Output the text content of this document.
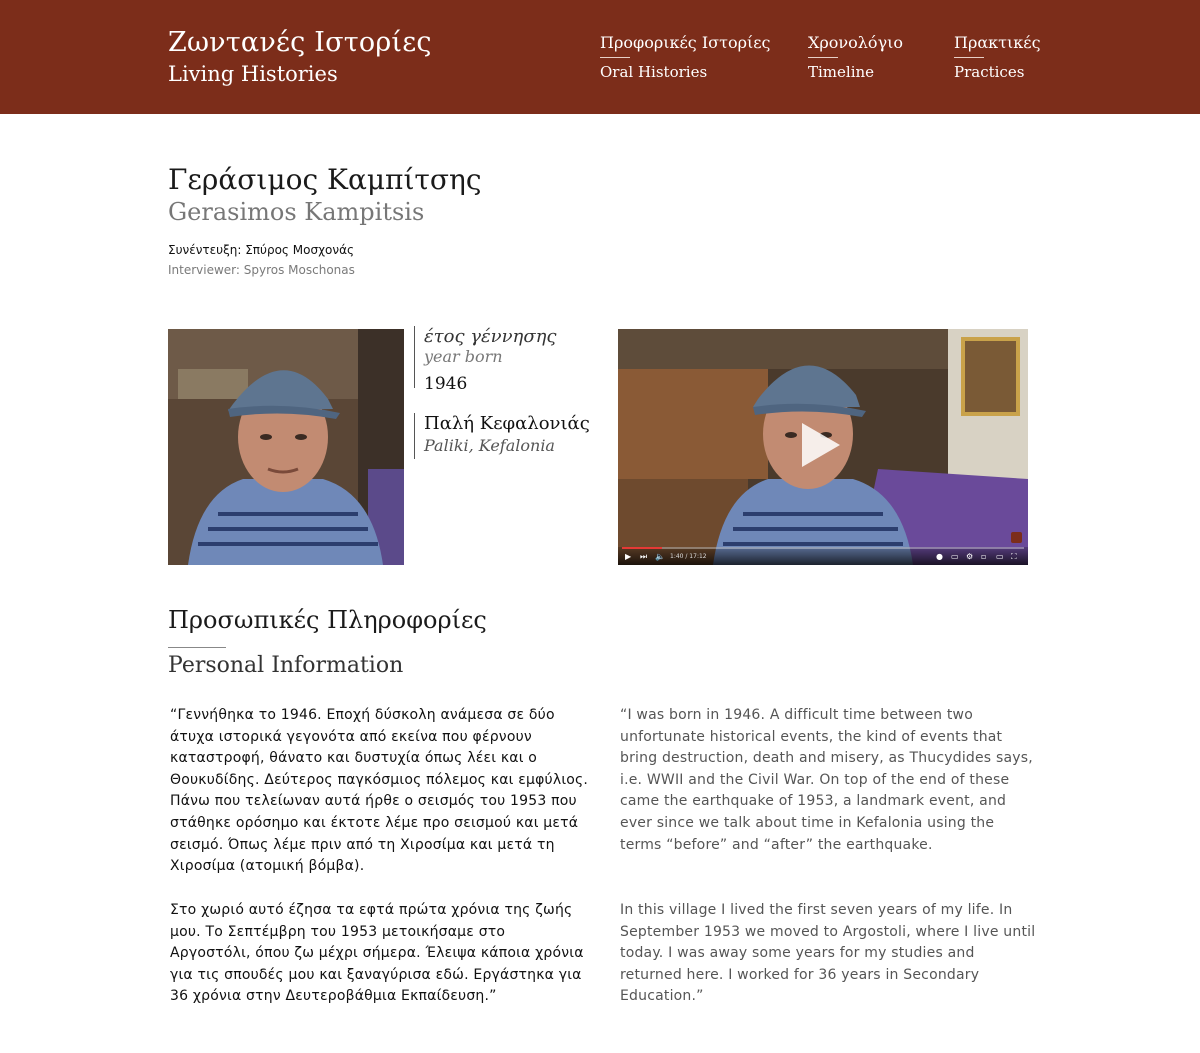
Ζωντανές Ιστορίες
Living Histories
Προφορικές Ιστορίες
Oral Histories
Χρονολόγιο
Timeline
Πρακτικές
Practices
Γεράσιμος Καμπίτσης
Gerasimos Kampitsis
Συνέντευξη: Σπύρος Μοσχονάς
Interviewer: Spyros Moschonas
έτος γέννησης
year born
1946
Παλή Κεφαλονιάς
Paliki, Kefalonia
▶ ⏭ 🔈 1:40 / 17:12	● ▭ ⚙ ▫ ▭ ⛶
Προσωπικές Πληροφορίες
Personal Information

“Γεννήθηκα το 1946. Εποχή δύσκολη ανάμεσα σε δύο άτυχα ιστορικά γεγονότα από εκείνα που φέρνουν καταστροφή, θάνατο και δυστυχία όπως λέει και ο Θουκυδίδης. Δεύτερος παγκόσμιος πόλεμος και εμφύλιος. Πάνω που τελείωναν αυτά ήρθε ο σεισμός του 1953 που στάθηκε ορόσημο και έκτοτε λέμε προ σεισμού και μετά σεισμό. Όπως λέμε πριν από τη Χιροσίμα και μετά τη Χιροσίμα (ατομική βόμβα).

Στο χωριό αυτό έζησα τα εφτά πρώτα χρόνια της ζωής μου. Το Σεπτέμβρη του 1953 μετοικήσαμε στο Αργοστόλι, όπου ζω μέχρι σήμερα. Έλειψα κάποια χρόνια για τις σπουδές μου και ξαναγύρισα εδώ. Εργάστηκα για 36 χρόνια στην Δευτεροβάθμια Εκπαίδευση.”

“I was born in 1946. A difficult time between two unfortunate historical events, the kind of events that bring destruction, death and misery, as Thucydides says, i.e. WWII and the Civil War. On top of the end of these came the earthquake of 1953, a landmark event, and ever since we talk about time in Kefalonia using the terms “before” and “after” the earthquake.

In this village I lived the first seven years of my life. In September 1953 we moved to Argostoli, where I live until today. I was away some years for my studies and returned here. I worked for 36 years in Secondary Education.”
